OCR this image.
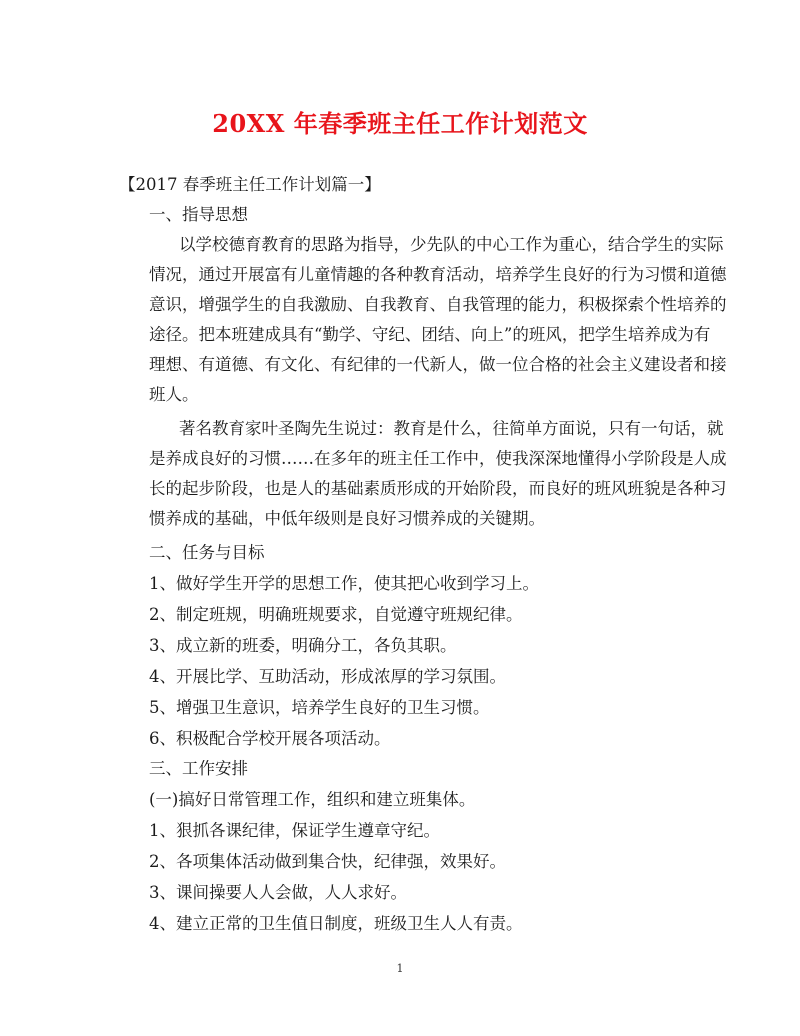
20XX 年春季班主任工作计划范文

【2017 春季班主任工作计划篇一】

一、指导思想

以学校德育教育的思路为指导，少先队的中心工作为重心，结合学生的实际
情况，通过开展富有儿童情趣的各种教育活动，培养学生良好的行为习惯和道德
意识，增强学生的自我激励、自我教育、自我管理的能力，积极探索个性培养的
途径。把本班建成具有“勤学、守纪、团结、向上”的班风，把学生培养成为有
理想、有道德、有文化、有纪律的一代新人，做一位合格的社会主义建设者和接
班人。
著名教育家叶圣陶先生说过：教育是什么，往简单方面说，只有一句话，就
是养成良好的习惯……在多年的班主任工作中，使我深深地懂得小学阶段是人成
长的起步阶段，也是人的基础素质形成的开始阶段，而良好的班风班貌是各种习
惯养成的基础，中低年级则是良好习惯养成的关键期。

二、任务与目标

1、做好学生开学的思想工作，使其把心收到学习上。

2、制定班规，明确班规要求，自觉遵守班规纪律。

3、成立新的班委，明确分工，各负其职。

4、开展比学、互助活动，形成浓厚的学习氛围。

5、增强卫生意识，培养学生良好的卫生习惯。

6、积极配合学校开展各项活动。

三、工作安排

(一)搞好日常管理工作，组织和建立班集体。

1、狠抓各课纪律，保证学生遵章守纪。

2、各项集体活动做到集合快，纪律强，效果好。

3、课间操要人人会做，人人求好。

4、建立正常的卫生值日制度，班级卫生人人有责。

1
